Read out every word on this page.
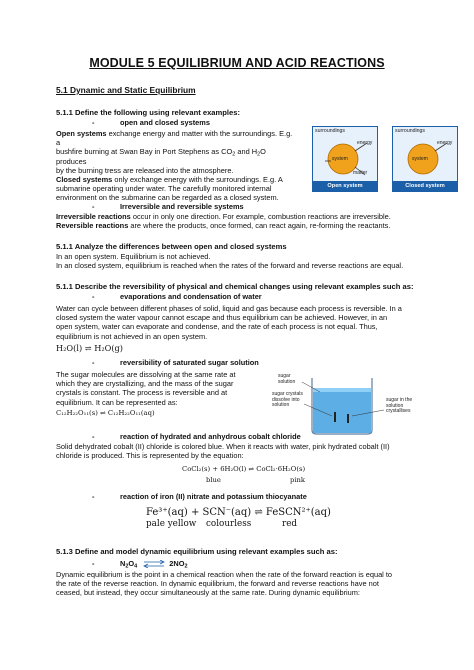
MODULE 5 EQUILIBRIUM AND ACID REACTIONS
5.1 Dynamic and Static Equilibrium
5.1.1 Define the following using relevant examples:
-	open and closed systems
Open systems exchange energy and matter with the surroundings. E.g. a
bushfire burning at Swan Bay in Port Stephens as $CO_2$ and $H_2O$ produces
by the burning tress are released into the atmosphere.
Closed systems only exchange energy with the surroundings. E.g. A
submarine operating under water. The carefully monitored internal
environment on the submarine can be regarded as a closed system.
surroundings
energy
system
matter
Open system
surroundings
energy
system
Closed system
-	Irreversible and reversible systems
Irreversible reactions occur in only one direction. For example, combustion reactions are irreversible.
Reversible reactions are where the products, once formed, can react again, re-forming the reactants.
5.1.1 Analyze the differences between open and closed systems
In an open system. Equilibrium is not achieved.
In an closed system, equilibrium is reached when the rates of the forward and reverse reactions are equal.
5.1.1 Describe the reversibility of physical and chemical changes using relevant examples such as:
-	evaporations and condensation of water
Water can cycle between different phases of solid, liquid and gas because each process is reversible. In a
closed system the water vapour cannot escape and thus equilibrium can be achieved. However, in an
open system, water can evaporate and condense, and the rate of each process is not equal. Thus,
equilibrium is not achieved in an open system.
H₂O(l) ⇌ H₂O(g)
-	reversibility of saturated sugar solution
The sugar molecules are dissolving at the same rate at
which they are crystallizing, and the mass of the sugar
crystals is constant. The process is reversible and at
equilibrium. It can be represented as:
C₁₂H₂₂O₁₁(s) ⇌ C₁₂H₂₂O₁₁(aq)
sugar
solution
sugar crystals
dissolve into
solution
sugar in the
solution
crystallises
-	reaction of hydrated and anhydrous cobalt chloride
Solid dehydrated cobalt (II) chloride is colored blue. When it reacts with water, pink hydrated cobalt (II)
chloride is produced. This is represented by the equation:
CoCl₂(s) + 6H₂O(l) ⇌ CoCl₂·6H₂O(s)
blue	pink
-	reaction of iron (II) nitrate and potassium thiocyanate
Fe³⁺(aq) + SCN⁻(aq) ⇌ FeSCN²⁺(aq)
pale yellow	colourless	red
5.1.3 Define and model dynamic equilibrium using relevant examples such as:
-	$N_2O_4$ ⇌ $2NO_2$
Dynamic equilibrium is the point in a chemical reaction when the rate of the forward reaction is equal to
the rate of the reverse reaction. In dynamic equilibrium, the forward and reverse reactions have not
ceased, but instead, they occur simultaneously at the same rate. During dynamic equilibrium:
